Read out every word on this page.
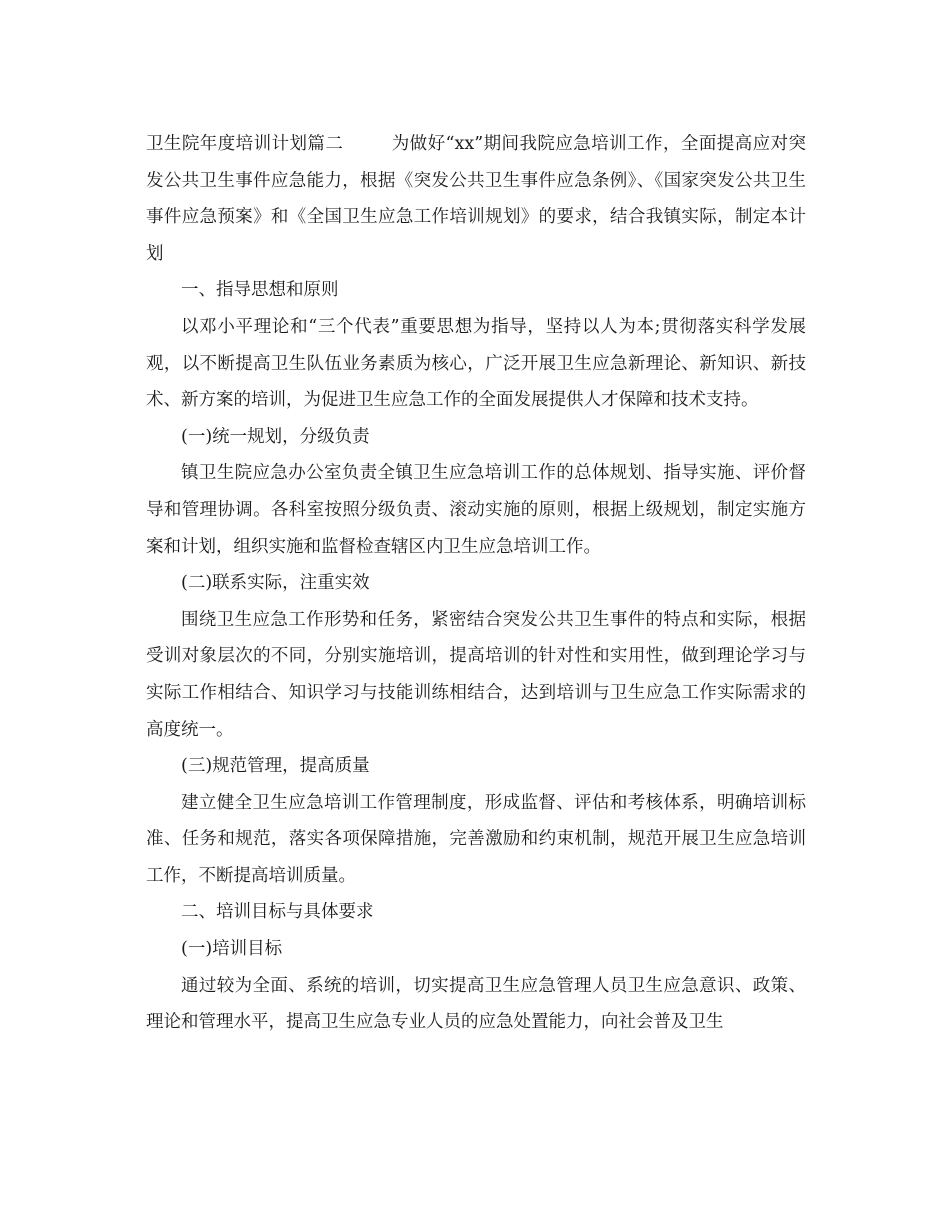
卫生院年度培训计划篇二	为做好“xx”期间我院应急培训工作，全面提高应对突发公共卫生事件应急能力，根据《突发公共卫生事件应急条例》、《国家突发公共卫生事件应急预案》和《全国卫生应急工作培训规划》的要求，结合我镇实际，制定本计划

一、指导思想和原则

以邓小平理论和“三个代表”重要思想为指导，坚持以人为本;贯彻落实科学发展观，以不断提高卫生队伍业务素质为核心，广泛开展卫生应急新理论、新知识、新技术、新方案的培训，为促进卫生应急工作的全面发展提供人才保障和技术支持。

(一)统一规划，分级负责

镇卫生院应急办公室负责全镇卫生应急培训工作的总体规划、指导实施、评价督导和管理协调。各科室按照分级负责、滚动实施的原则，根据上级规划，制定实施方案和计划，组织实施和监督检查辖区内卫生应急培训工作。

(二)联系实际，注重实效

围绕卫生应急工作形势和任务，紧密结合突发公共卫生事件的特点和实际，根据受训对象层次的不同，分别实施培训，提高培训的针对性和实用性，做到理论学习与实际工作相结合、知识学习与技能训练相结合，达到培训与卫生应急工作实际需求的高度统一。

(三)规范管理，提高质量

建立健全卫生应急培训工作管理制度，形成监督、评估和考核体系，明确培训标准、任务和规范，落实各项保障措施，完善激励和约束机制，规范开展卫生应急培训工作，不断提高培训质量。

二、培训目标与具体要求

(一)培训目标

通过较为全面、系统的培训，切实提高卫生应急管理人员卫生应急意识、政策、理论和管理水平，提高卫生应急专业人员的应急处置能力，向社会普及卫生
